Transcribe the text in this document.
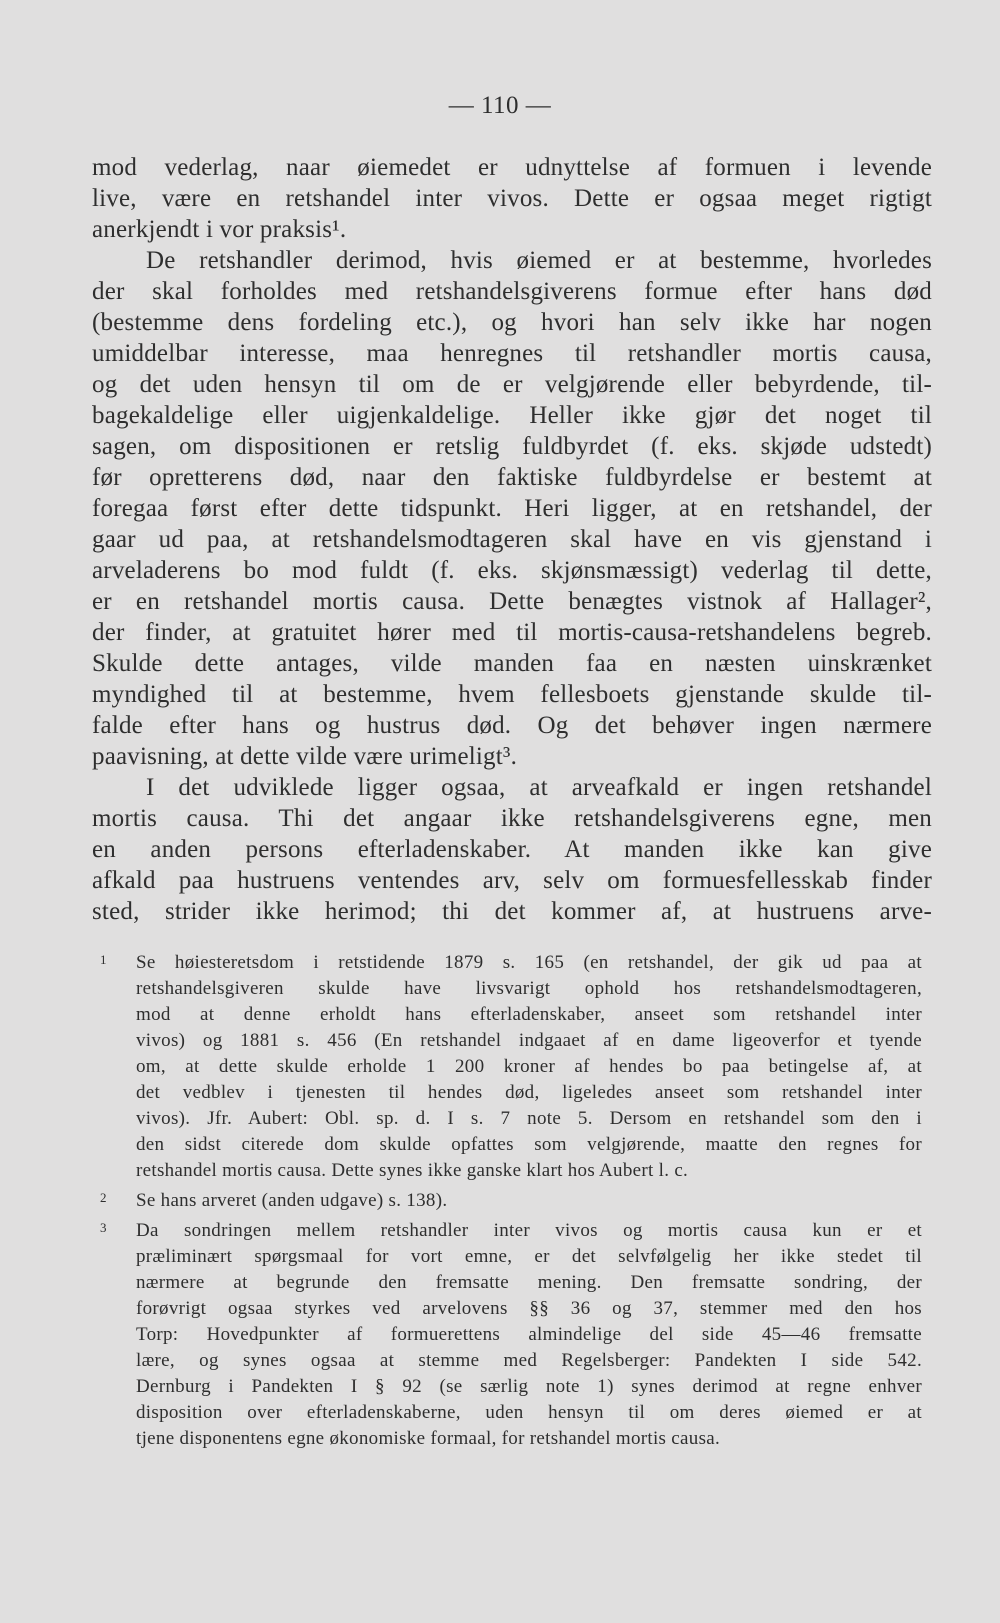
— 110 —
mod vederlag, naar øiemedet er udnyttelse af formuen i levende
live, være en retshandel inter vivos. Dette er ogsaa meget rigtigt
anerkjendt i vor praksis¹.
De retshandler derimod, hvis øiemed er at bestemme, hvorledes
der skal forholdes med retshandelsgiverens formue efter hans død
(bestemme dens fordeling etc.), og hvori han selv ikke har nogen
umiddelbar interesse, maa henregnes til retshandler mortis causa,
og det uden hensyn til om de er velgjørende eller bebyrdende, til-
bagekaldelige eller uigjenkaldelige. Heller ikke gjør det noget til
sagen, om dispositionen er retslig fuldbyrdet (f. eks. skjøde udstedt)
før opretterens død, naar den faktiske fuldbyrdelse er bestemt at
foregaa først efter dette tidspunkt. Heri ligger, at en retshandel, der
gaar ud paa, at retshandelsmodtageren skal have en vis gjenstand i
arveladerens bo mod fuldt (f. eks. skjønsmæssigt) vederlag til dette,
er en retshandel mortis causa. Dette benægtes vistnok af Hallager²,
der finder, at gratuitet hører med til mortis-causa-retshandelens begreb.
Skulde dette antages, vilde manden faa en næsten uinskrænket
myndighed til at bestemme, hvem fellesboets gjenstande skulde til-
falde efter hans og hustrus død. Og det behøver ingen nærmere
paavisning, at dette vilde være urimeligt³.
I det udviklede ligger ogsaa, at arveafkald er ingen retshandel
mortis causa. Thi det angaar ikke retshandelsgiverens egne, men
en anden persons efterladenskaber. At manden ikke kan give
afkald paa hustruens ventendes arv, selv om formuesfellesskab finder
sted, strider ikke herimod; thi det kommer af, at hustruens arve-
1 Se høiesteretsdom i retstidende 1879 s. 165 (en retshandel, der gik ud paa at
retshandelsgiveren skulde have livsvarigt ophold hos retshandelsmodtageren,
mod at denne erholdt hans efterladenskaber, anseet som retshandel inter
vivos) og 1881 s. 456 (En retshandel indgaaet af en dame ligeoverfor et tyende
om, at dette skulde erholde 1 200 kroner af hendes bo paa betingelse af, at
det vedblev i tjenesten til hendes død, ligeledes anseet som retshandel inter
vivos). Jfr. Aubert: Obl. sp. d. I s. 7 note 5. Dersom en retshandel som den i
den sidst citerede dom skulde opfattes som velgjørende, maatte den regnes for
retshandel mortis causa. Dette synes ikke ganske klart hos Aubert l. c.
2 Se hans arveret (anden udgave) s. 138).
3 Da sondringen mellem retshandler inter vivos og mortis causa kun er et
præliminært spørgsmaal for vort emne, er det selvfølgelig her ikke stedet til
nærmere at begrunde den fremsatte mening. Den fremsatte sondring, der
forøvrigt ogsaa styrkes ved arvelovens §§ 36 og 37, stemmer med den hos
Torp: Hovedpunkter af formuerettens almindelige del side 45—46 fremsatte
lære, og synes ogsaa at stemme med Regelsberger: Pandekten I side 542.
Dernburg i Pandekten I § 92 (se særlig note 1) synes derimod at regne enhver
disposition over efterladenskaberne, uden hensyn til om deres øiemed er at
tjene disponentens egne økonomiske formaal, for retshandel mortis causa.
